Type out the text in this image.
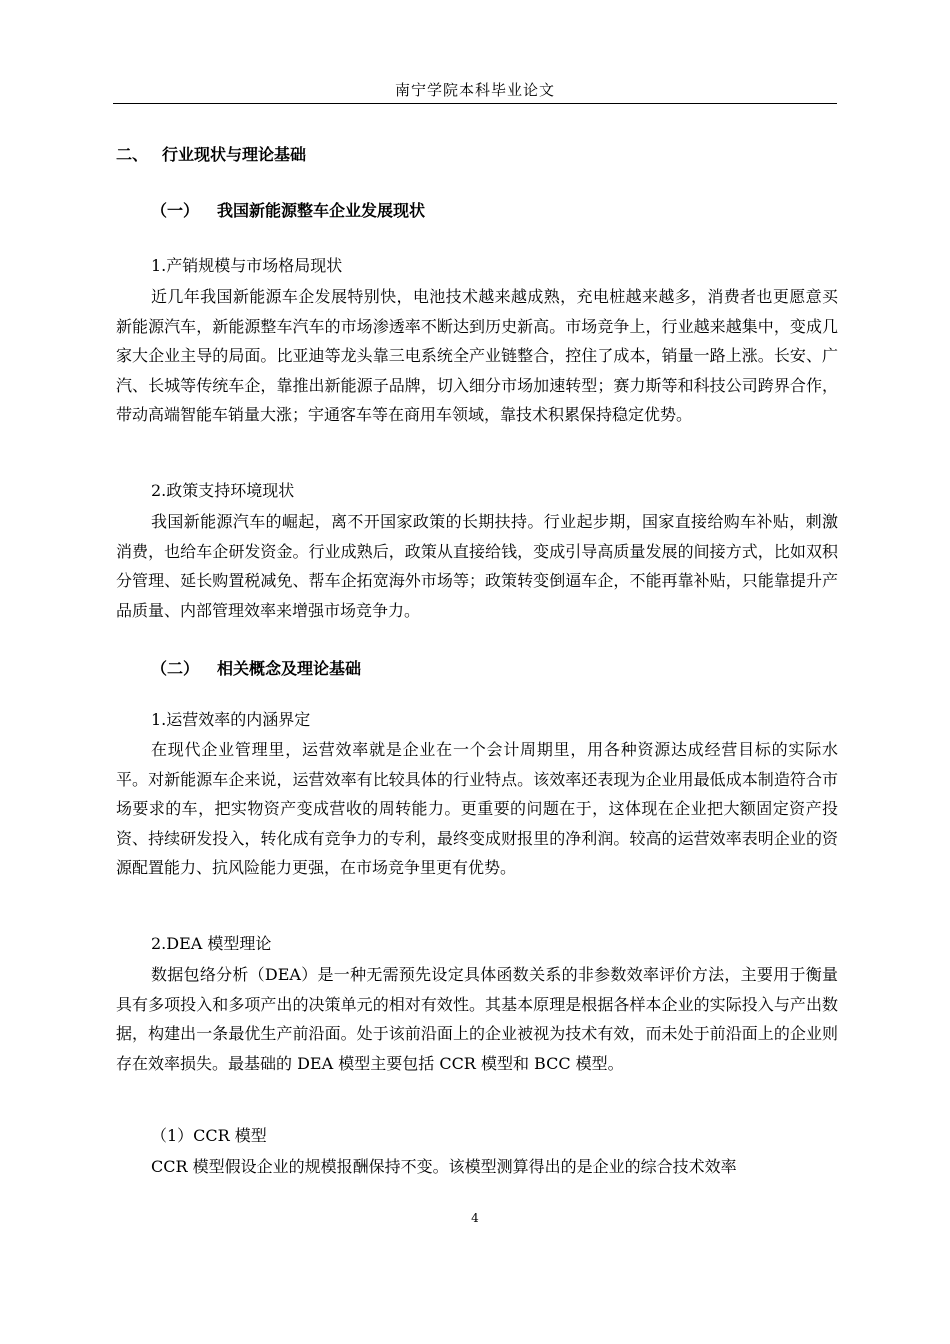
南宁学院本科毕业论文
二、 行业现状与理论基础
（一） 我国新能源整车企业发展现状
1.产销规模与市场格局现状

近几年我国新能源车企发展特别快，电池技术越来越成熟，充电桩越来越多，消费者也更愿意买新能源汽车，新能源整车汽车的市场渗透率不断达到历史新高。市场竞争上，行业越来越集中，变成几家大企业主导的局面。比亚迪等龙头靠三电系统全产业链整合，控住了成本，销量一路上涨。长安、广汽、长城等传统车企，靠推出新能源子品牌，切入细分市场加速转型；赛力斯等和科技公司跨界合作，带动高端智能车销量大涨；宇通客车等在商用车领域，靠技术积累保持稳定优势。

2.政策支持环境现状

我国新能源汽车的崛起，离不开国家政策的长期扶持。行业起步期，国家直接给购车补贴，刺激消费，也给车企研发资金。行业成熟后，政策从直接给钱，变成引导高质量发展的间接方式，比如双积分管理、延长购置税减免、帮车企拓宽海外市场等；政策转变倒逼车企，不能再靠补贴，只能靠提升产品质量、内部管理效率来增强市场竞争力。

（二） 相关概念及理论基础
1.运营效率的内涵界定

在现代企业管理里，运营效率就是企业在一个会计周期里，用各种资源达成经营目标的实际水平。对新能源车企来说，运营效率有比较具体的行业特点。该效率还表现为企业用最低成本制造符合市场要求的车，把实物资产变成营收的周转能力。更重要的问题在于，这体现在企业把大额固定资产投资、持续研发投入，转化成有竞争力的专利，最终变成财报里的净利润。较高的运营效率表明企业的资源配置能力、抗风险能力更强，在市场竞争里更有优势。

2.DEA 模型理论

数据包络分析（DEA）是一种无需预先设定具体函数关系的非参数效率评价方法，主要用于衡量具有多项投入和多项产出的决策单元的相对有效性。其基本原理是根据各样本企业的实际投入与产出数据，构建出一条最优生产前沿面。处于该前沿面上的企业被视为技术有效，而未处于前沿面上的企业则存在效率损失。最基础的 DEA 模型主要包括 CCR 模型和 BCC 模型。

（1）CCR 模型

CCR 模型假设企业的规模报酬保持不变。该模型测算得出的是企业的综合技术效率

4
